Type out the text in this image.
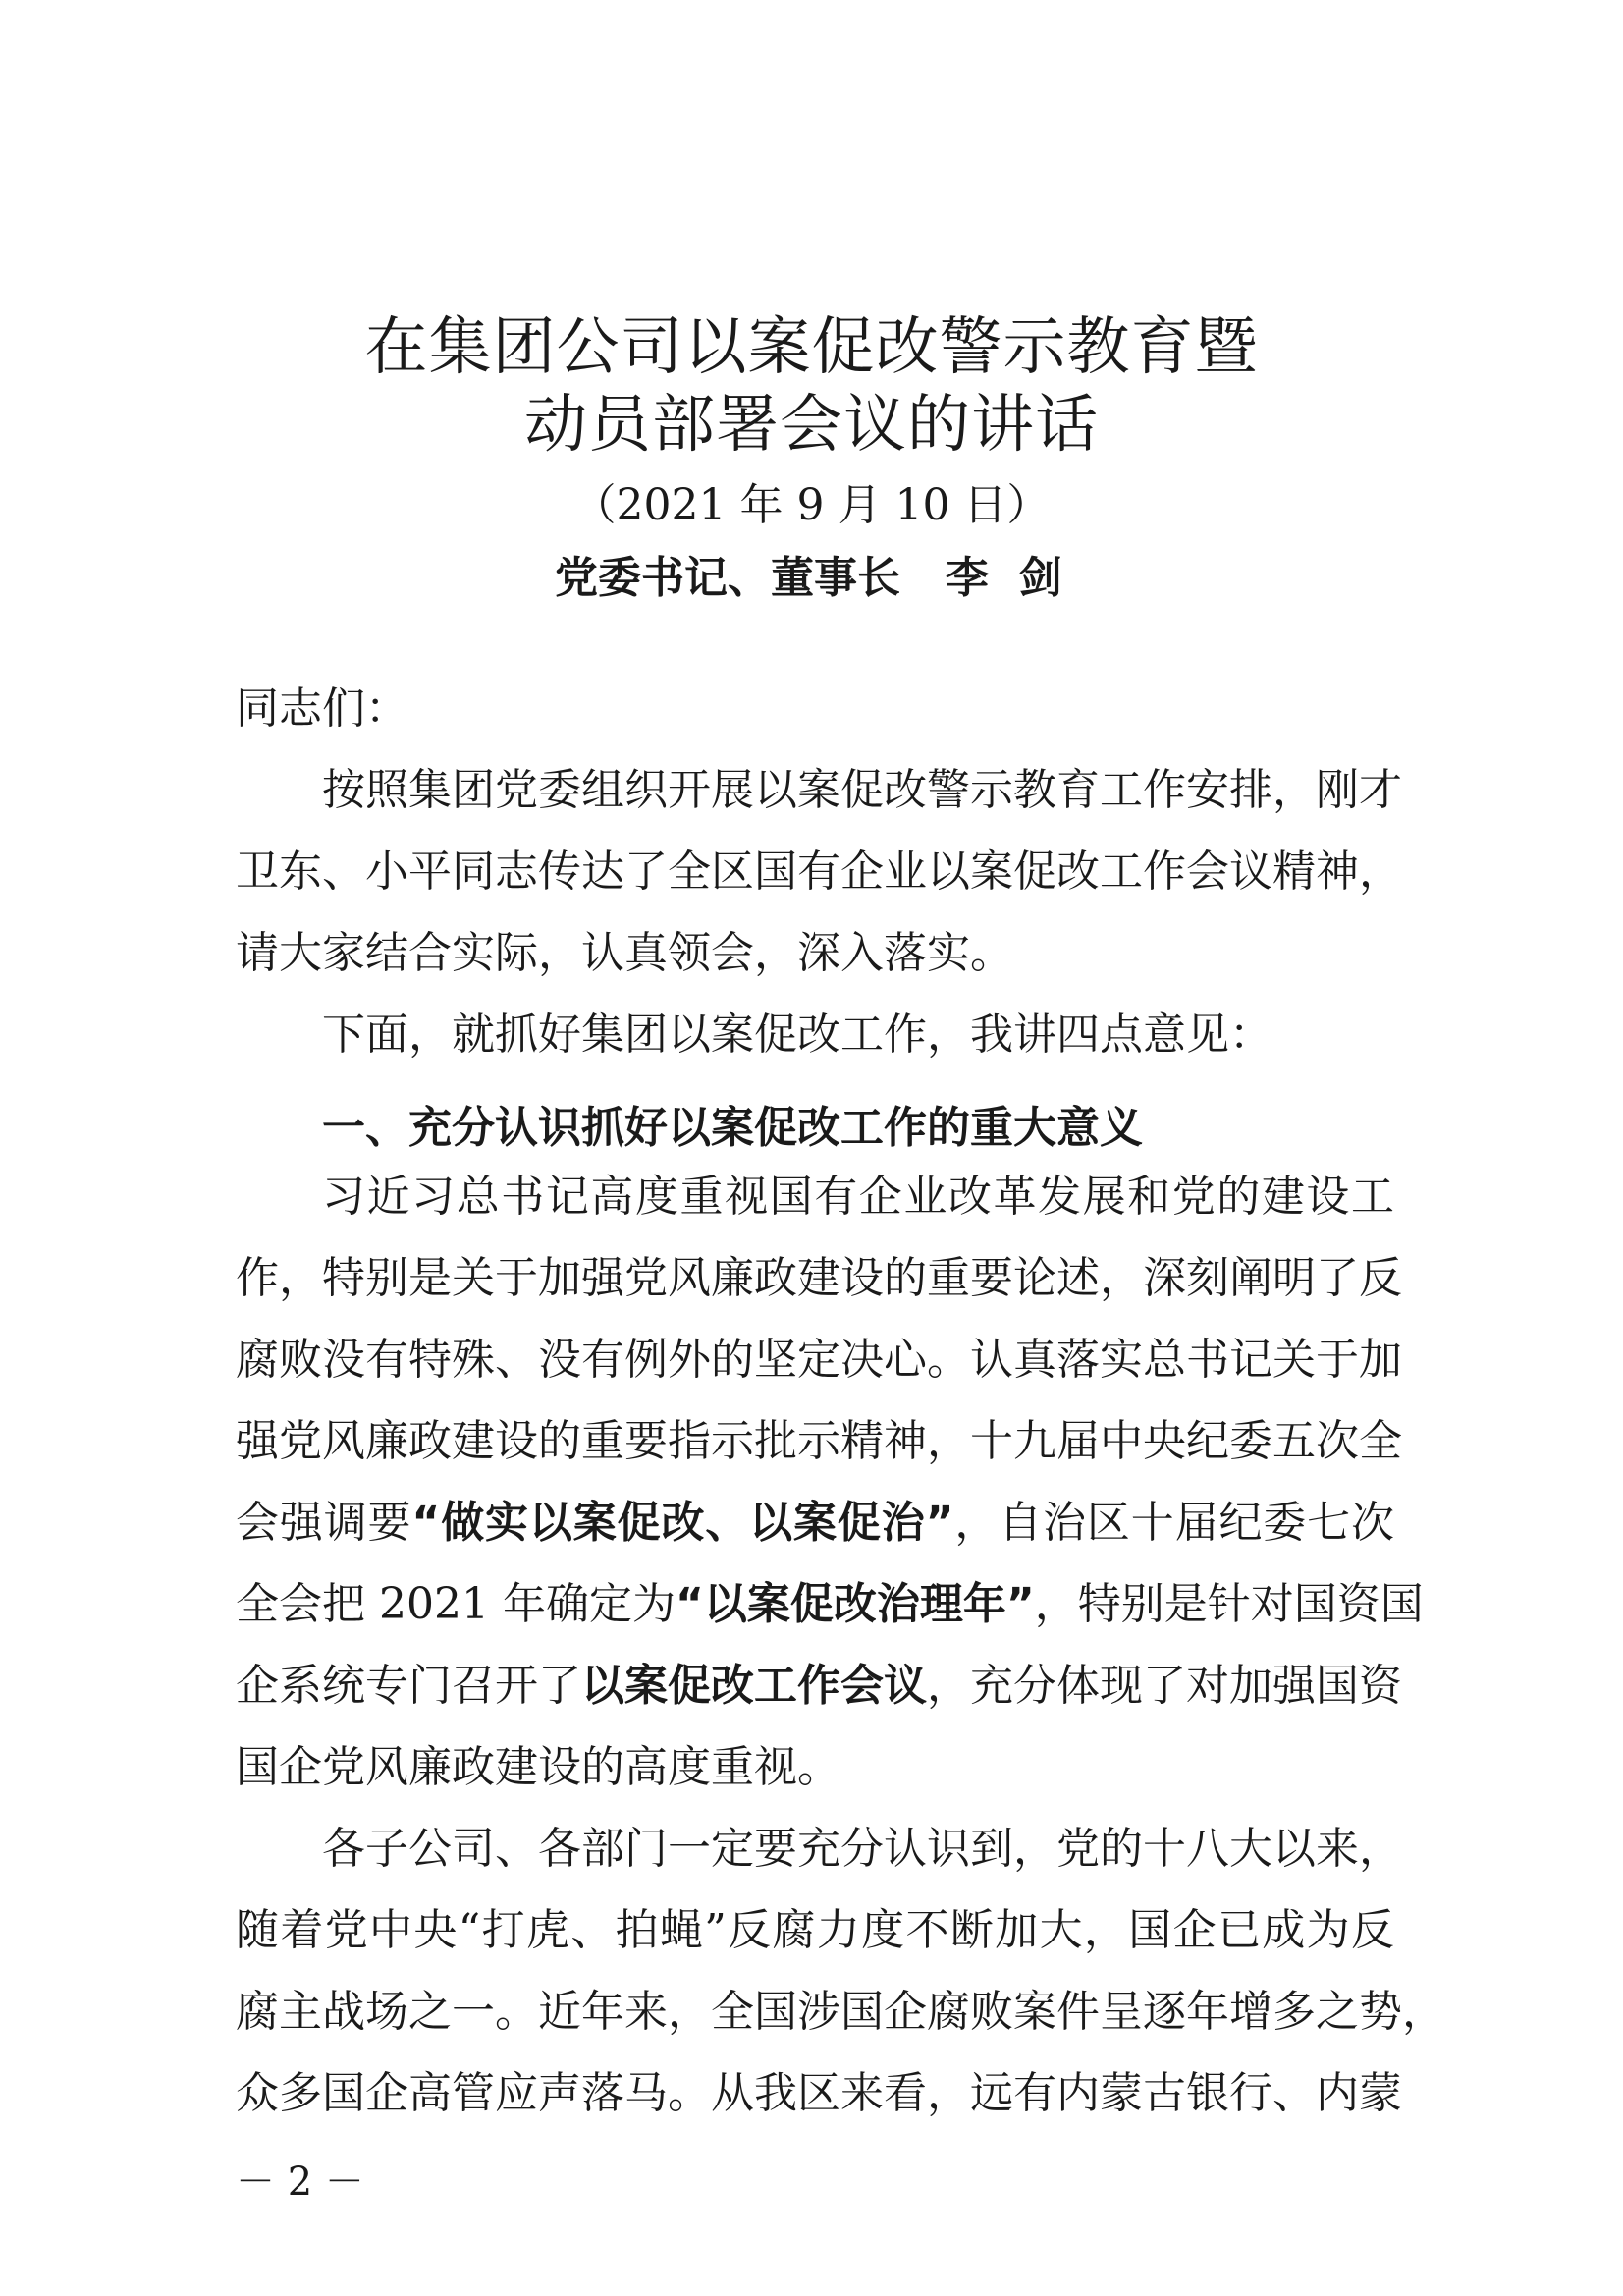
在集团公司以案促改警示教育暨
动员部署会议的讲话
（2021 年 9 月 10 日）
党委书记、董事长   李  剑
同志们：
按照集团党委组织开展以案促改警示教育工作安排，刚才
卫东、小平同志传达了全区国有企业以案促改工作会议精神，
请大家结合实际，认真领会，深入落实。
下面，就抓好集团以案促改工作，我讲四点意见：
一、充分认识抓好以案促改工作的重大意义
习近习总书记高度重视国有企业改革发展和党的建设工
作，特别是关于加强党风廉政建设的重要论述，深刻阐明了反
腐败没有特殊、没有例外的坚定决心。认真落实总书记关于加
强党风廉政建设的重要指示批示精神，十九届中央纪委五次全
会强调要“做实以案促改、以案促治”，自治区十届纪委七次
全会把 2021 年确定为“以案促改治理年”，特别是针对国资国
企系统专门召开了以案促改工作会议，充分体现了对加强国资
国企党风廉政建设的高度重视。
各子公司、各部门一定要充分认识到，党的十八大以来，
随着党中央“打虎、拍蝇”反腐力度不断加大，国企已成为反
腐主战场之一。近年来，全国涉国企腐败案件呈逐年增多之势，
众多国企高管应声落马。从我区来看，远有内蒙古银行、内蒙
－ 2 －
